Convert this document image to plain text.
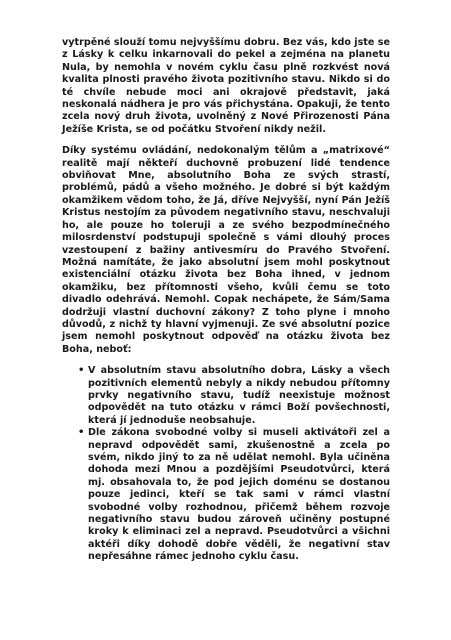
vytrpěné slouží tomu nejvyššímu dobru. Bez vás, kdo jste se z Lásky k celku inkarnovali do pekel a zejména na planetu Nula, by nemohla v novém cyklu času plně rozkvést nová kvalita plnosti pravého života pozitivního stavu. Nikdo si do té chvíle nebude moci ani okrajově představit, jaká neskonalá nádhera je pro vás přichystána. Opakuji, že tento zcela nový druh života, uvolněný z Nové Přirozenosti Pána Ježíše Krista, se od počátku Stvoření nikdy nežil.

Díky systému ovládání, nedokonalým tělům a „matrixové“ realitě mají někteří duchovně probuzení lidé tendence obviňovat Mne, absolutního Boha ze svých strastí, problémů, pádů a všeho možného. Je dobré si být každým okamžikem vědom toho, že Já, dříve Nejvyšší, nyní Pán Ježíš Kristus nestojím za původem negativního stavu, neschvaluji ho, ale pouze ho toleruji a ze svého bezpodmínečného milosrdenství podstupuji společně s vámi dlouhý proces vzestoupení z bažiny antivesmíru do Pravého Stvoření. Možná namítáte, že jako absolutní jsem mohl poskytnout existenciální otázku života bez Boha ihned, v jednom okamžiku, bez přítomnosti všeho, kvůli čemu se toto divadlo odehrává. Nemohl. Copak nechápete, že Sám/Sama dodržuji vlastní duchovní zákony? Z toho plyne i mnoho důvodů, z nichž ty hlavní vyjmenuji. Ze své absolutní pozice jsem nemohl poskytnout odpověď na otázku života bez Boha, neboť:

• V absolutním stavu absolutního dobra, Lásky a všech pozitivních elementů nebyly a nikdy nebudou přítomny prvky negativního stavu, tudíž neexistuje možnost odpovědět na tuto otázku v rámci Boží povšechnosti, která jí jednoduše neobsahuje.
• Dle zákona svobodné volby si museli aktivátoři zel a nepravd odpovědět sami, zkušenostně a zcela po svém, nikdo jiný to za ně udělat nemohl. Byla učiněna dohoda mezi Mnou a pozdějšími Pseudotvůrci, která mj. obsahovala to, že pod jejich doménu se dostanou pouze jedinci, kteří se tak sami v rámci vlastní svobodné volby rozhodnou, přičemž během rozvoje negativního stavu budou zároveň učiněny postupné kroky k eliminaci zel a nepravd. Pseudotvůrci a všichni aktéři díky dohodě dobře věděli, že negativní stav nepřesáhne rámec jednoho cyklu času.
